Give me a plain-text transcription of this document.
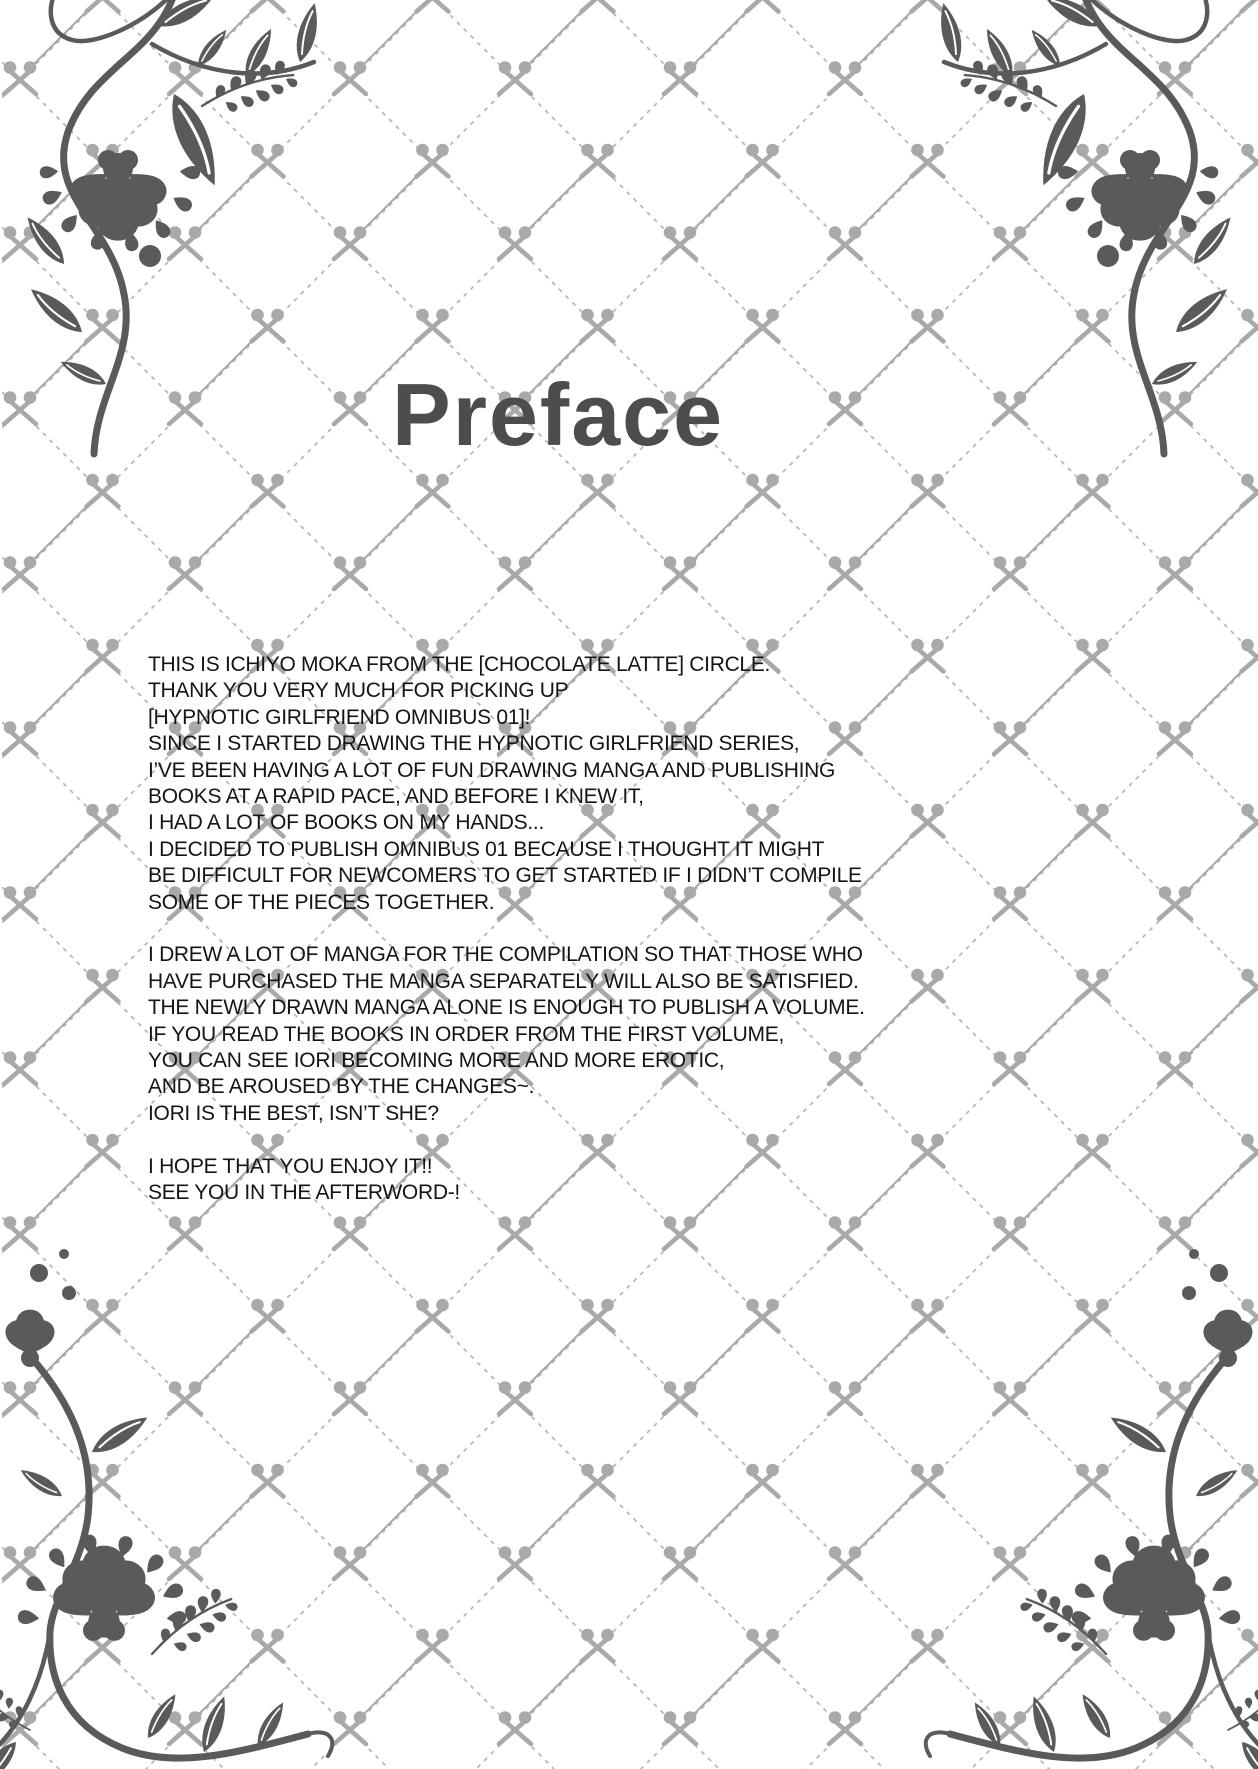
Preface
THIS IS ICHIYO MOKA FROM THE [CHOCOLATE LATTE] CIRCLE.
THANK YOU VERY MUCH FOR PICKING UP
[HYPNOTIC GIRLFRIEND OMNIBUS 01]!
SINCE I STARTED DRAWING THE HYPNOTIC GIRLFRIEND SERIES,
I’VE BEEN HAVING A LOT OF FUN DRAWING MANGA AND PUBLISHING
BOOKS AT A RAPID PACE, AND BEFORE I KNEW IT,
I HAD A LOT OF BOOKS ON MY HANDS...
I DECIDED TO PUBLISH OMNIBUS 01 BECAUSE I THOUGHT IT MIGHT
BE DIFFICULT FOR NEWCOMERS TO GET STARTED IF I DIDN’T COMPILE
SOME OF THE PIECES TOGETHER.
I DREW A LOT OF MANGA FOR THE COMPILATION SO THAT THOSE WHO
HAVE PURCHASED THE MANGA SEPARATELY WILL ALSO BE SATISFIED.
THE NEWLY DRAWN MANGA ALONE IS ENOUGH TO PUBLISH A VOLUME.
IF YOU READ THE BOOKS IN ORDER FROM THE FIRST VOLUME,
YOU CAN SEE IORI BECOMING MORE AND MORE EROTIC,
AND BE AROUSED BY THE CHANGES~.
IORI IS THE BEST, ISN’T SHE?
I HOPE THAT YOU ENJOY IT!!
SEE YOU IN THE AFTERWORD-!
